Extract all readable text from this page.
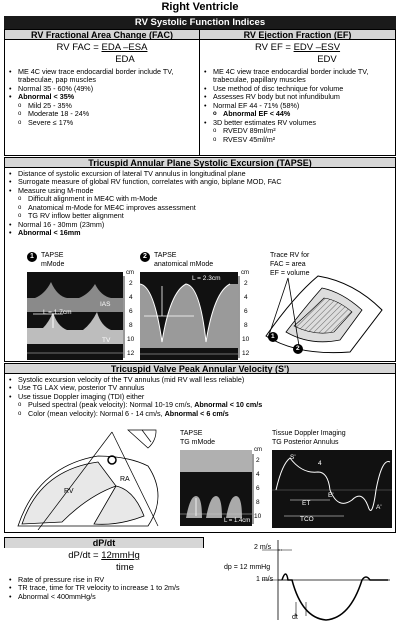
Right Ventricle
RV Systolic Function Indices
RV Fractional Area Change (FAC)
RV FAC = EDA –ESA
EDA
• ME 4C view trace endocardial border include TV, trabeculae, pap muscles
• Normal 35 - 60% (49%)
• Abnormal < 35%
o Mild 25 - 35%
o Moderate 18 - 24%
o Severe ≤ 17%
RV Ejection Fraction (EF)
RV EF = EDV –ESV
EDV
• ME 4C view trace endocardial border include TV, trabeculae, papillary muscles
• Use method of disc technique for volume
• Assesses RV body but not infundibulum
• Normal EF 44 - 71% (58%)
o Abnormal EF < 44%
• 3D better estimates RV volumes
o RVEDV 89ml/m²
o RVESV 45ml/m²
Tricuspid Annular Plane Systolic Excursion (TAPSE)
• Distance of systolic excursion of lateral TV annulus in longitudinal plane
• Surrogate measure of global RV function, correlates with angio, biplane MOD, FAC
• Measure using M-mode
o Difficult alignment in ME4C with m-Mode
o Anatomical m-Mode for ME4C improves assessment
o TG RV inflow better alignment
• Normal 16 - 30mm (23mm)
• Abnormal < 16mm
1	TAPSE
mMode
cm
2
4
6
8
10
12
IAS
TV
L = 1.7cm
2	TAPSE
anatomical mMode
cm
2
4
6
8
10
12
L = 2.3cm
Trace RV for
FAC = area
EF = volume
1
2
Tricuspid Valve Peak Annular Velocity (S')
• Systolic excursion velocity of the TV annulus (mid RV wall less reliable)
• Use TG LAX view, posterior TV annulus
• Use tissue Doppler imaging (TDI) either
o Pulsed spectral (peak velocity): Normal 10-19 cm/s, Abnormal < 10 cm/s
o Color (mean velocity): Normal 6 - 14 cm/s, Abnormal < 6 cm/s
RV
RA
TAPSE
TG mMode
cm
2
4
6
8
10
L = 1.4cm
Tissue Doppler Imaging
TG Posterior Annulus
S'
4
ET
E'
A'
TCO
dP/dt
dP/dt = 12mmHg
time
• Rate of pressure rise in RV
• TR trace, time for TR velocity to increase 1 to 2m/s
• Abnormal < 400mmHg/s
2 m/s
dp = 12 mmHg
1 m/s
dt
